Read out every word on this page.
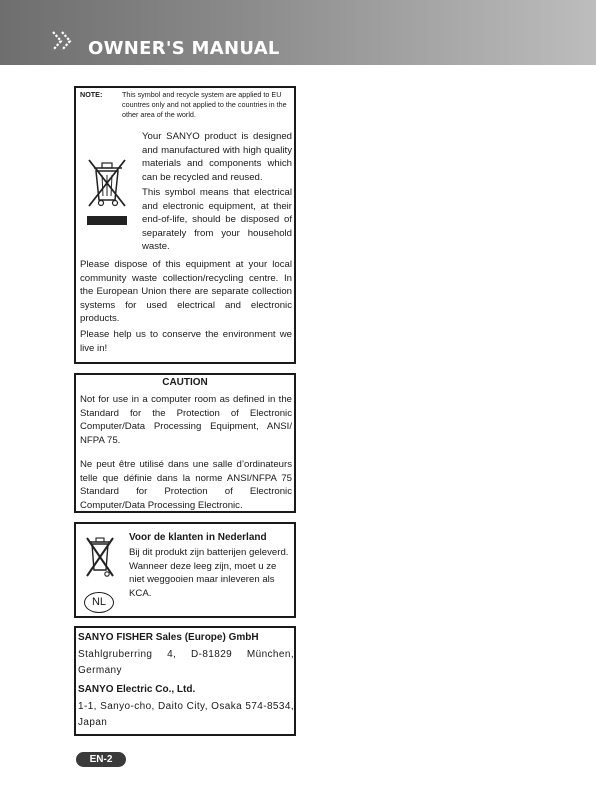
OWNER'S MANUAL
NOTE:	This symbol and recycle system are applied to EU countres only and not applied to the countries in the other area of the world.
Your SANYO product is designed and manufactured with high quality materials and components which can be recycled and reused.
This symbol means that electrical and electronic equipment, at their end-of-life, should be disposed of separately from your household waste.
Please dispose of this equipment at your local community waste collection/recycling centre. In the European Union there are separate collection systems for used electrical and electronic products.
Please help us to conserve the environment we live in!
CAUTION
Not for use in a computer room as defined in the Standard for the Protection of Electronic Computer/Data Processing Equipment, ANSI/ NFPA 75.
Ne peut être utilisé dans une salle d’ordinateurs telle que définie dans la norme ANSI/NFPA 75 Standard for Protection of Electronic Computer/Data Processing Electronic.
NL
Voor de klanten in Nederland
Bij dit produkt zijn batterijen geleverd. Wanneer deze leeg zijn, moet u ze niet weggooien maar inleveren als KCA.
SANYO FISHER Sales (Europe) GmbH
Stahlgruberring 4, D-81829 München, Germany
SANYO Electric Co., Ltd.
1-1, Sanyo-cho, Daito City, Osaka 574-8534, Japan
EN-2
